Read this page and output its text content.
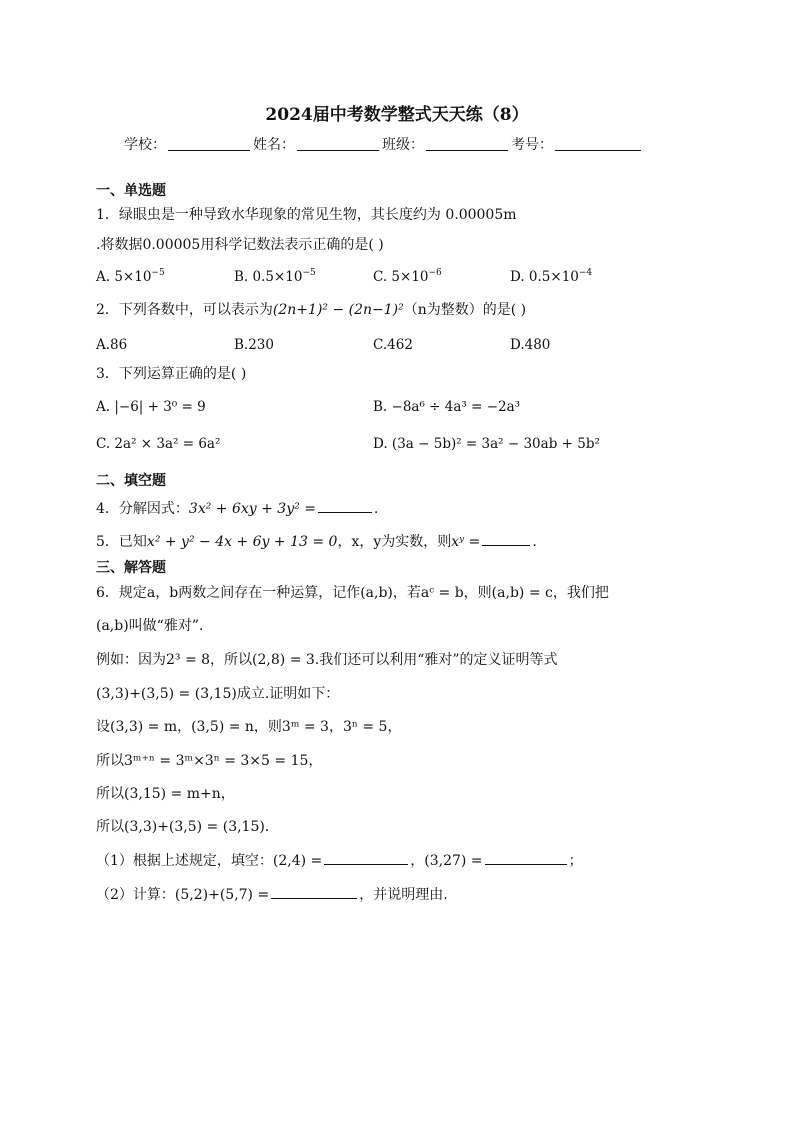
2024届中考数学整式天天练（8）
学校：	姓名：	班级：	考号：
一、单选题
1．绿眼虫是一种导致水华现象的常见生物，其长度约为 0.00005m
.将数据0.00005用科学记数法表示正确的是( )
A. $5\times 10^{-5}$	B. $0.5\times 10^{-5}$	C. $5\times 10^{-6}$	D. $0.5\times 10^{-4}$
2．下列各数中，可以表示为(2n+1)² − (2n−1)²（n为整数）的是( )
A.86	B.230	C.462	D.480
3．下列运算正确的是( )
A. |−6| + 3⁰ = 9	B. −8a⁶ ÷ 4a³ = −2a³
C. 2a² × 3a² = 6a²	D. (3a − 5b)² = 3a² − 30ab + 5b²
二、填空题
4．分解因式：3x² + 6xy + 3y² =	.
5．已知x² + y² − 4x + 6y + 13 = 0，x，y为实数，则xʸ =	.
三、解答题
6．规定a，b两数之间存在一种运算，记作(a,b)，若aᶜ = b，则(a,b) = c，我们把
(a,b)叫做“雅对”．
例如：因为2³ = 8，所以(2,8) = 3.我们还可以利用“雅对”的定义证明等式
(3,3)+(3,5) = (3,15)成立.证明如下：
设(3,3) = m，(3,5) = n，则3ᵐ = 3，3ⁿ = 5，
所以3ᵐ⁺ⁿ = 3ᵐ×3ⁿ = 3×5 = 15，
所以(3,15) = m+n，
所以(3,3)+(3,5) = (3,15)．
（1）根据上述规定，填空：(2,4) =	，(3,27) =	；
（2）计算：(5,2)+(5,7) =	，并说明理由.
